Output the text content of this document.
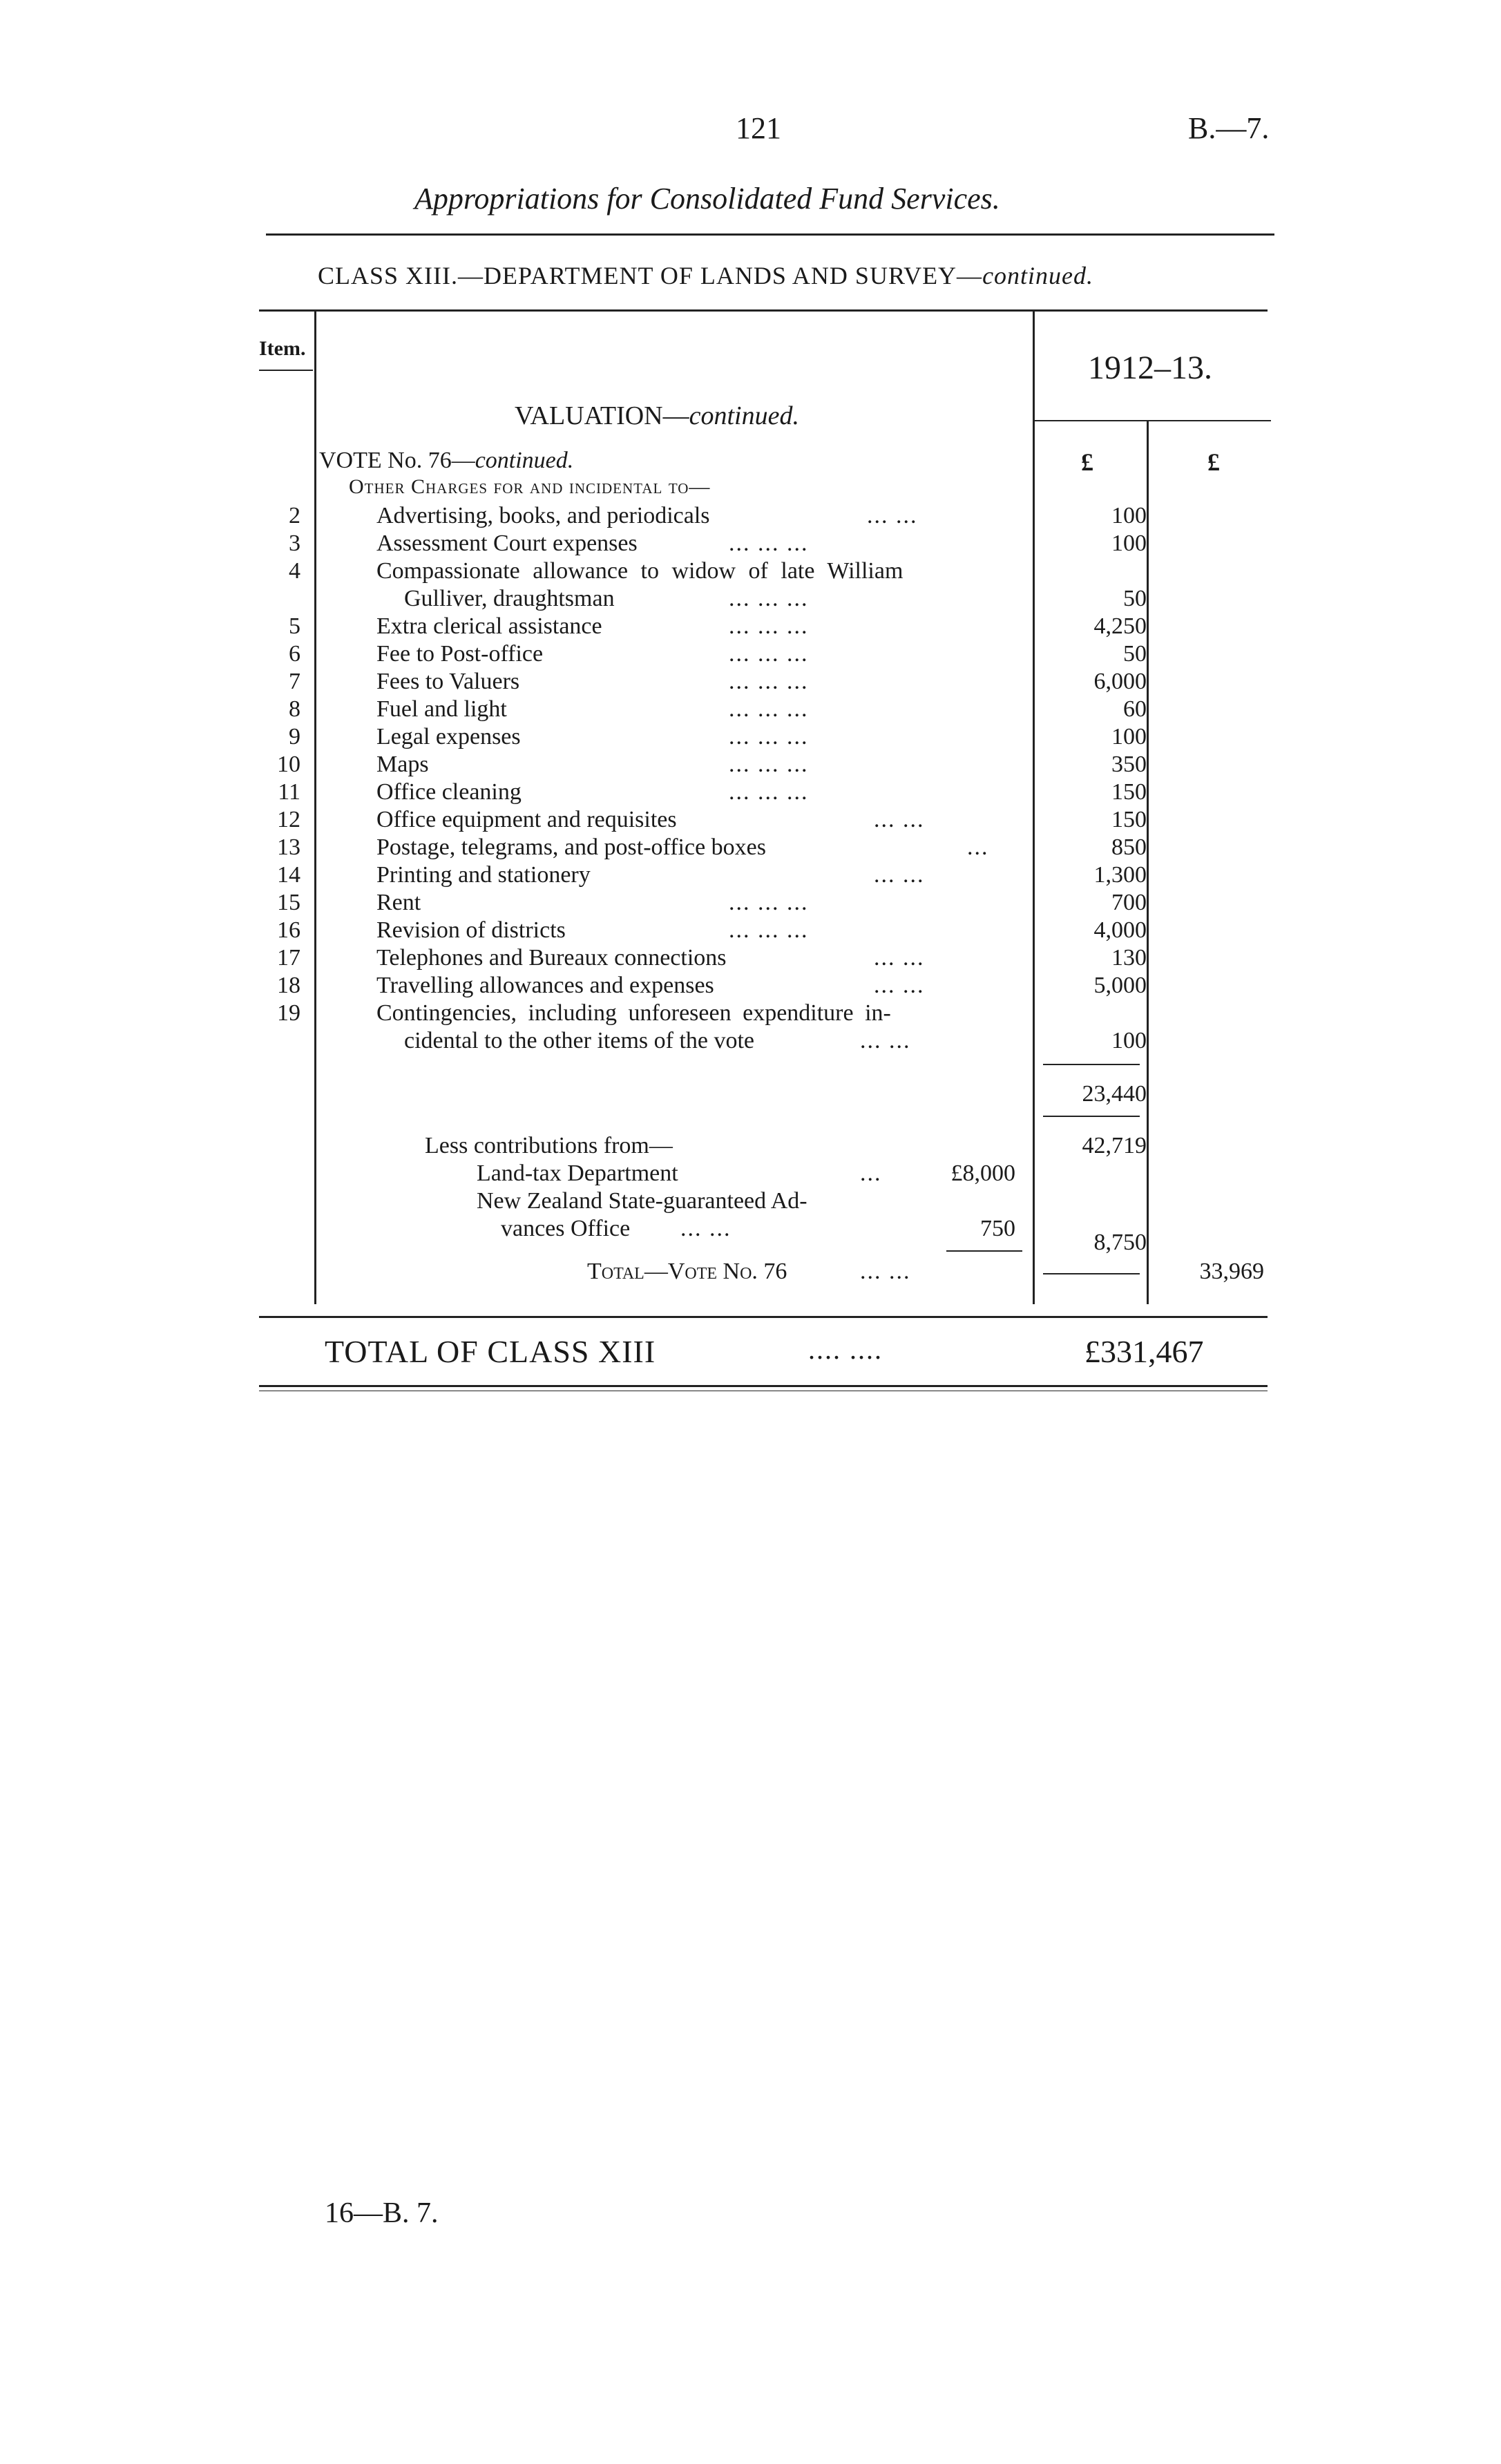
121	B.—7.
Appropriations for Consolidated Fund Services.
CLASS XIII.—DEPARTMENT OF LANDS AND SURVEY—continued.
Item.
1912–13.
VALUATION—continued.
VOTE No. 76—continued.	£	£
Other Charges for and incidental to—
2	Advertising, books, and periodicals	... ...	100
3	Assessment Court expenses	... ... ...	100
4	Compassionate allowance to widow of late William
Gulliver, draughtsman	... ... ...	50
5	Extra clerical assistance	... ... ...	4,250
6	Fee to Post-office	... ... ...	50
7	Fees to Valuers	... ... ...	6,000
8	Fuel and light	... ... ...	60
9	Legal expenses	... ... ...	100
10	Maps	... ... ...	350
11	Office cleaning	... ... ...	150
12	Office equipment and requisites	... ...	150
13	Postage, telegrams, and post-office boxes	...	850
14	Printing and stationery	... ...	1,300
15	Rent	... ... ...	700
16	Revision of districts	... ... ...	4,000
17	Telephones and Bureaux connections	... ...	130
18	Travelling allowances and expenses	... ...	5,000
19	Contingencies, including unforeseen expenditure in-
cidental to the other items of the vote	... ...	100
23,440
42,719
Less contributions from—
Land-tax Department	...	£8,000
New Zealand State-guaranteed Ad-
vances Office ... ...	750
8,750
Total—Vote No. 76	... ...	33,969
TOTAL OF CLASS XIII	.... ....	£331,467
16—B. 7.
